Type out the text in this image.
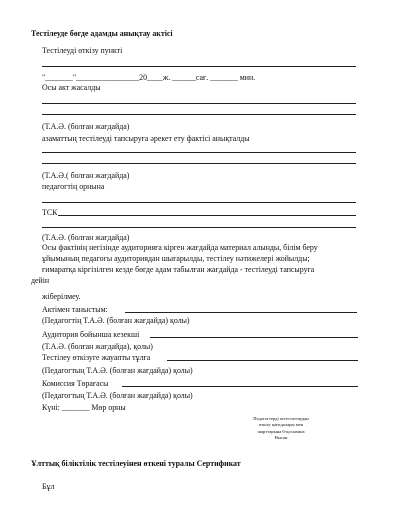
Тестілеуде бөгде адамды анықтау актісі
Тестілеуді өткізу пункті
"_______"________________20____ж. ______сағ. _______ мин.
Осы акт жасалды
(Т.А.Ә. (болған жағдайда)
азаматтың тестілеуді тапсыруға әрекет ету фактісі анықталды
(Т.А.Ә.( болған жағдайда)
педагогтің орнына
ТСК
(Т.А.Ә. (болған жағдайда)
Осы фактінің негізінде аудиторияға кірген жағдайда материал алынды, білім беру
ұйымының педагогы аудиториядан шығарылды, тестілеу нәтижелері жойылды;
ғимаратқа кіргізілген кезде бөгде адам табылған жағдайда - тестілеуді тапсыруға
дейін
жіберілмеу.
Актімен таныстым:
(Педагогтің Т.А.Ә. (болған жағдайда) қолы)
Аудитория бойынша кезекші
(Т.А.Ә. (болған жағдайда), қолы)
Тестілеу өткізуге жауапты тұлға
(Педагогтың Т.А.Ә. (болған жағдайда) қолы)
Комиссия Төрағасы
(Педагогтың Т.А.Ә. (болған жағдайда) қолы)
Күні: _______ Мөр орны
Педагогтерді аттестаттаудан
өткізу қағидалары мен
шарттарына 6-қосымша
Нысан
Ұлттық біліктілік тестілеуінен өткені туралы Сертификат
Бұл
